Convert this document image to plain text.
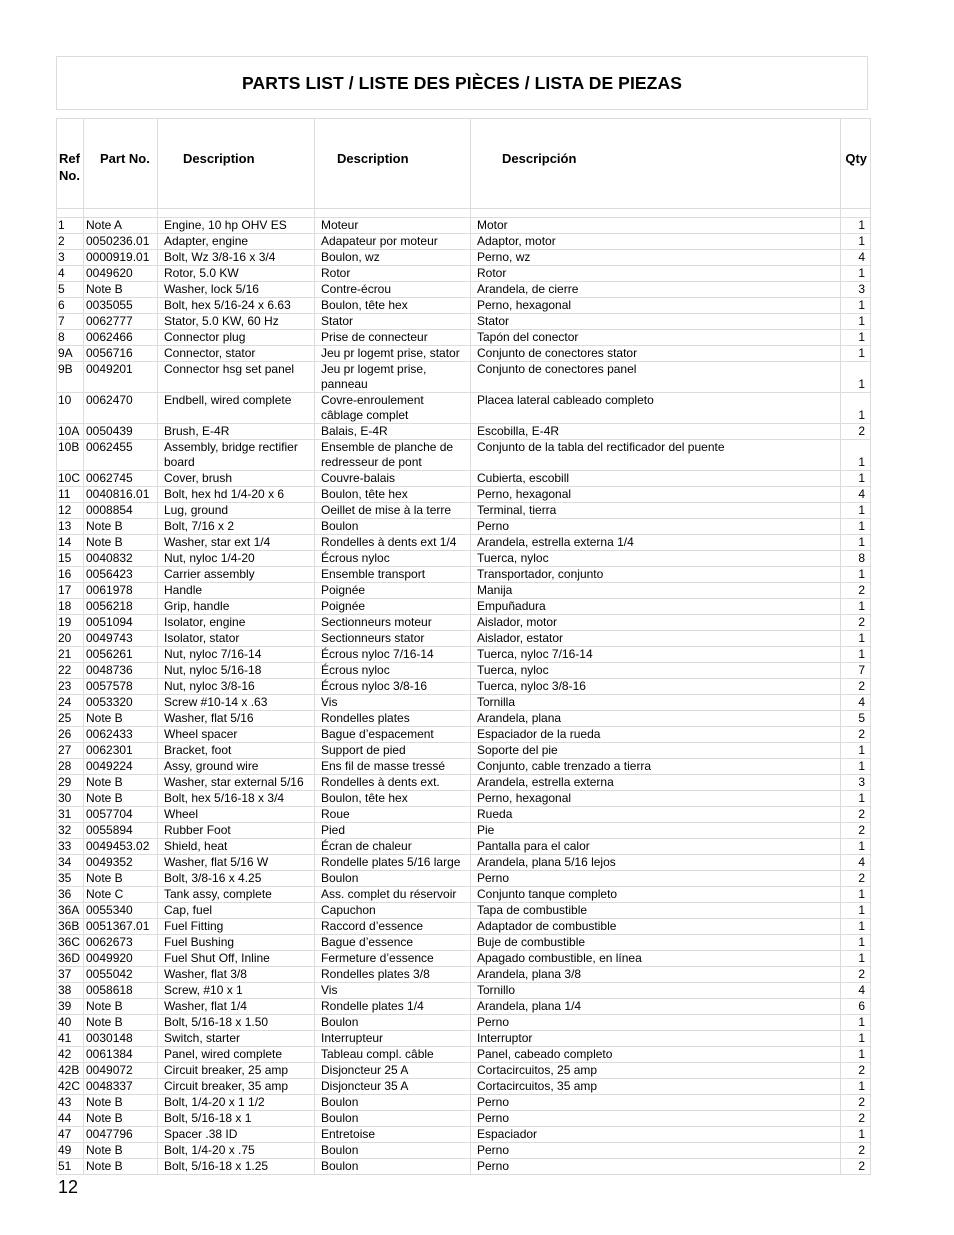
PARTS LIST / LISTE DES PIÈCES / LISTA DE PIEZAS
Ref No.	Part No.	Description	Description	Descripción	Qty

1	Note A	Engine, 10 hp OHV ES	Moteur	Motor	1
2	0050236.01	Adapter, engine	Adapateur por moteur	Adaptor, motor	1
3	0000919.01	Bolt, Wz 3/8-16 x 3/4	Boulon, wz	Perno, wz	4
4	0049620	Rotor, 5.0 KW	Rotor	Rotor	1
5	Note B	Washer, lock 5/16	Contre-écrou	Arandela, de cierre	3
6	0035055	Bolt, hex 5/16-24 x 6.63	Boulon, tête hex	Perno, hexagonal	1
7	0062777	Stator, 5.0 KW, 60 Hz	Stator	Stator	1
8	0062466	Connector plug	Prise de connecteur	Tapón del conector	1
9A	0056716	Connector, stator	Jeu pr logemt prise, stator	Conjunto de conectores stator	1
9B	0049201	Connector hsg set panel	Jeu pr logemt prise, panneau	Conjunto de conectores panel	1
10	0062470	Endbell, wired complete	Covre-enroulement câblage complet	Placea lateral cableado completo	1
10A	0050439	Brush, E-4R	Balais, E-4R	Escobilla, E-4R	2
10B	0062455	Assembly, bridge rectifier board	Ensemble de planche de redresseur de pont	Conjunto de la tabla del rectificador del puente	1
10C	0062745	Cover, brush	Couvre-balais	Cubierta, escobill	1
11	0040816.01	Bolt, hex hd 1/4-20 x 6	Boulon, tête hex	Perno, hexagonal	4
12	0008854	Lug, ground	Oeillet de mise à la terre	Terminal, tierra	1
13	Note B	Bolt, 7/16 x 2	Boulon	Perno	1
14	Note B	Washer, star ext 1/4	Rondelles à dents ext 1/4	Arandela, estrella externa 1/4	1
15	0040832	Nut, nyloc 1/4-20	Écrous nyloc	Tuerca, nyloc	8
16	0056423	Carrier assembly	Ensemble transport	Transportador, conjunto	1
17	0061978	Handle	Poignée	Manija	2
18	0056218	Grip, handle	Poignée	Empuñadura	1
19	0051094	Isolator, engine	Sectionneurs moteur	Aislador, motor	2
20	0049743	Isolator, stator	Sectionneurs stator	Aislador, estator	1
21	0056261	Nut, nyloc 7/16-14	Écrous nyloc 7/16-14	Tuerca, nyloc 7/16-14	1
22	0048736	Nut, nyloc 5/16-18	Écrous nyloc	Tuerca, nyloc	7
23	0057578	Nut, nyloc 3/8-16	Écrous nyloc 3/8-16	Tuerca, nyloc 3/8-16	2
24	0053320	Screw #10-14 x .63	Vis	Tornilla	4
25	Note B	Washer, flat 5/16	Rondelles plates	Arandela, plana	5
26	0062433	Wheel spacer	Bague d’espacement	Espaciador de la rueda	2
27	0062301	Bracket, foot	Support de pied	Soporte del pie	1
28	0049224	Assy, ground wire	Ens fil de masse tressé	Conjunto, cable trenzado a tierra	1
29	Note B	Washer, star external 5/16	Rondelles à dents ext.	Arandela, estrella externa	3
30	Note B	Bolt, hex 5/16-18 x 3/4	Boulon, tête hex	Perno, hexagonal	1
31	0057704	Wheel	Roue	Rueda	2
32	0055894	Rubber Foot	Pied	Pie	2
33	0049453.02	Shield, heat	Écran de chaleur	Pantalla para el calor	1
34	0049352	Washer, flat 5/16 W	Rondelle plates 5/16 large	Arandela, plana 5/16 lejos	4
35	Note B	Bolt, 3/8-16 x 4.25	Boulon	Perno	2
36	Note C	Tank assy, complete	Ass. complet du réservoir	Conjunto tanque completo	1
36A	0055340	Cap, fuel	Capuchon	Tapa de combustible	1
36B	0051367.01	Fuel Fitting	Raccord d’essence	Adaptador de combustible	1
36C	0062673	Fuel Bushing	Bague d’essence	Buje de combustible	1
36D	0049920	Fuel Shut Off, Inline	Fermeture d’essence	Apagado combustible, en línea	1
37	0055042	Washer, flat 3/8	Rondelles plates 3/8	Arandela, plana 3/8	2
38	0058618	Screw, #10 x 1	Vis	Tornillo	4
39	Note B	Washer, flat 1/4	Rondelle plates 1/4	Arandela, plana 1/4	6
40	Note B	Bolt, 5/16-18 x 1.50	Boulon	Perno	1
41	0030148	Switch, starter	Interrupteur	Interruptor	1
42	0061384	Panel, wired complete	Tableau compl. câble	Panel, cabeado completo	1
42B	0049072	Circuit breaker, 25 amp	Disjoncteur 25 A	Cortacircuitos, 25 amp	2
42C	0048337	Circuit breaker, 35 amp	Disjoncteur 35 A	Cortacircuitos, 35 amp	1
43	Note B	Bolt, 1/4-20 x 1 1/2	Boulon	Perno	2
44	Note B	Bolt, 5/16-18 x 1	Boulon	Perno	2
47	0047796	Spacer .38 ID	Entretoise	Espaciador	1
49	Note B	Bolt, 1/4-20 x .75	Boulon	Perno	2
51	Note B	Bolt, 5/16-18 x 1.25	Boulon	Perno	2
12
